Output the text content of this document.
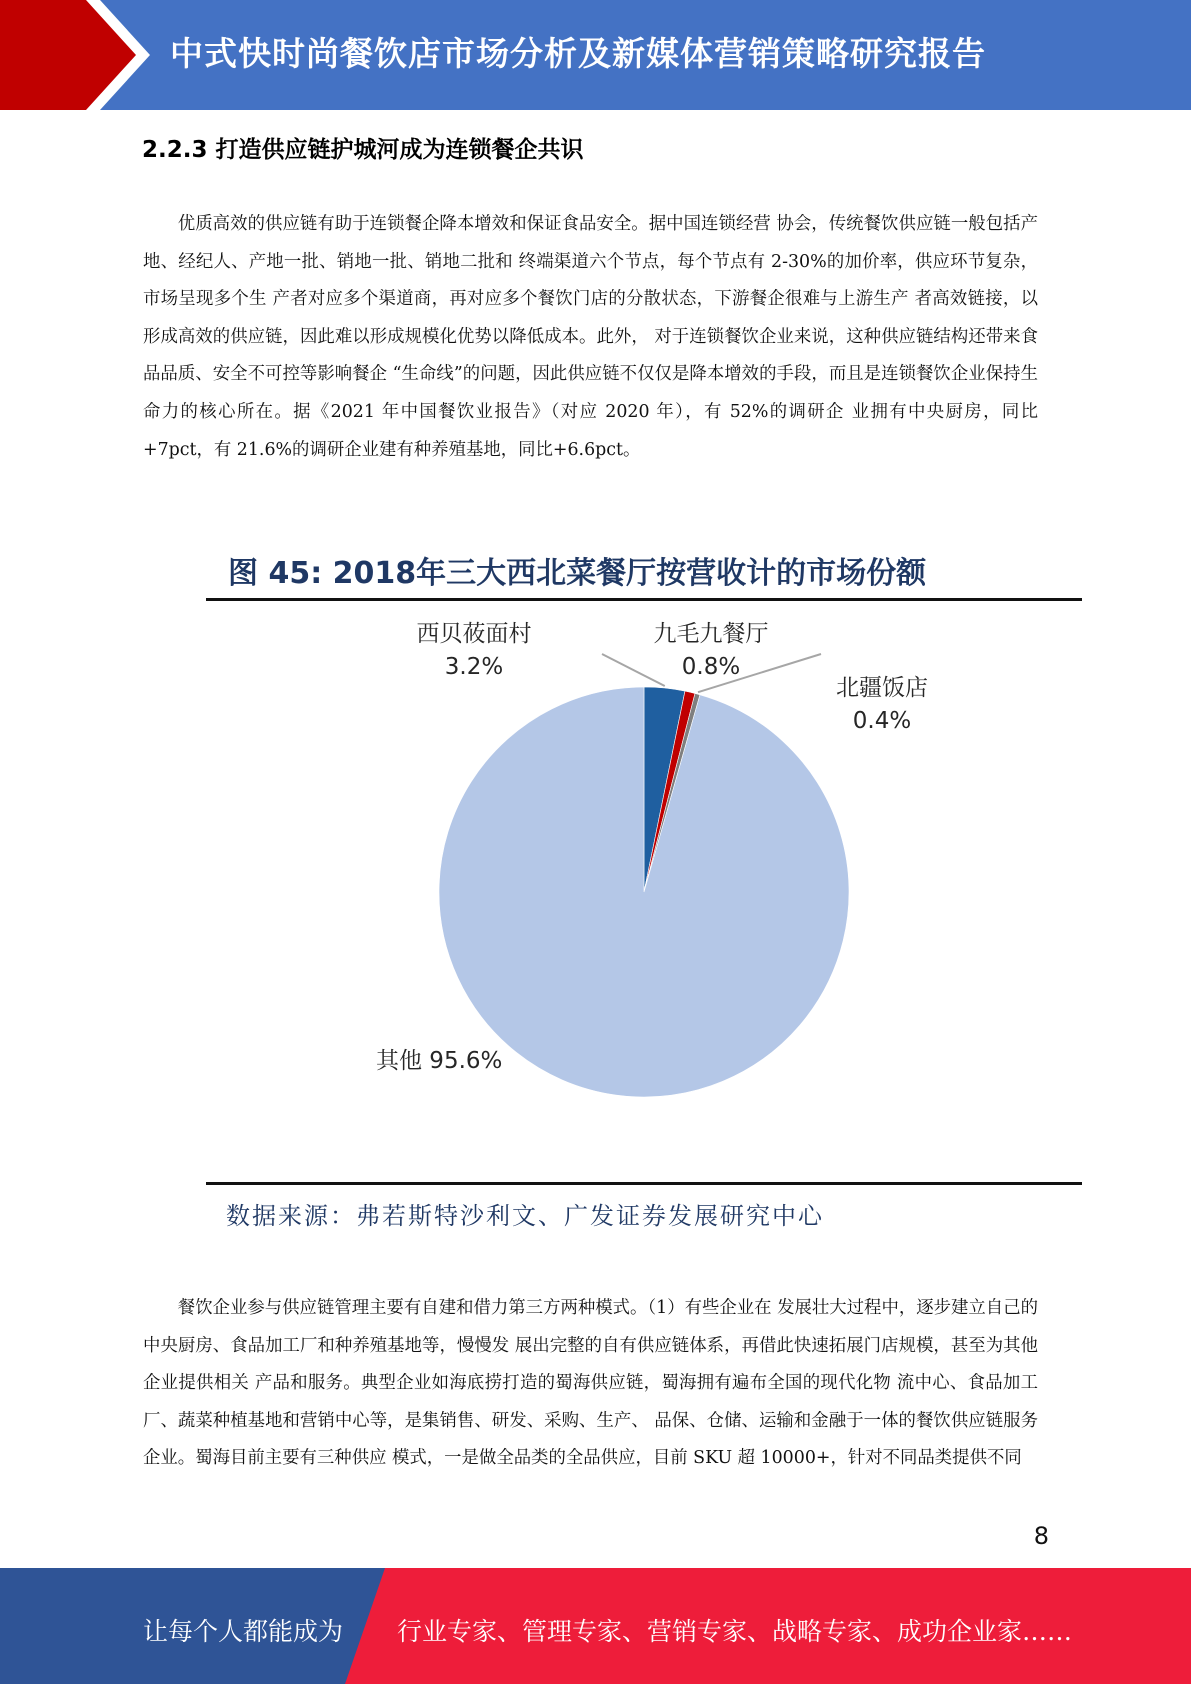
中式快时尚餐饮店市场分析及新媒体营销策略研究报告
2.2.3 打造供应链护城河成为连锁餐企共识

优质高效的供应链有助于连锁餐企降本增效和保证食品安全。据中国连锁经营 协会，传统餐饮供应链一般包括产地、经纪人、产地一批、销地一批、销地二批和 终端渠道六个节点，每个节点有 2-30%的加价率，供应环节复杂，市场呈现多个生 产者对应多个渠道商，再对应多个餐饮门店的分散状态，下游餐企很难与上游生产 者高效链接，以形成高效的供应链，因此难以形成规模化优势以降低成本。此外， 对于连锁餐饮企业来说，这种供应链结构还带来食品品质、安全不可控等影响餐企 “生命线”的问题，因此供应链不仅仅是降本增效的手段，而且是连锁餐饮企业保持生 命力的核心所在。据《2021 年中国餐饮业报告》（对应 2020 年），有 52%的调研企 业拥有中央厨房，同比+7pct，有 21.6%的调研企业建有种养殖基地，同比+6.6pct。

图 45: 2018年三大西北菜餐厅按营收计的市场份额
西贝莜面村
3.2%
九毛九餐厅
0.8%
北疆饭店
0.4%
其他 95.6%
数据来源：弗若斯特沙利文、广发证券发展研究中心

餐饮企业参与供应链管理主要有自建和借力第三方两种模式。（1）有些企业在 发展壮大过程中，逐步建立自己的中央厨房、食品加工厂和种养殖基地等，慢慢发 展出完整的自有供应链体系，再借此快速拓展门店规模，甚至为其他企业提供相关 产品和服务。典型企业如海底捞打造的蜀海供应链，蜀海拥有遍布全国的现代化物 流中心、食品加工厂、蔬菜种植基地和营销中心等，是集销售、研发、采购、生产、 品保、仓储、运输和金融于一体的餐饮供应链服务企业。蜀海目前主要有三种供应 模式，一是做全品类的全品供应，目前 SKU 超 10000+，针对不同品类提供不同

8
让每个人都能成为 行业专家、管理专家、营销专家、战略专家、成功企业家……
